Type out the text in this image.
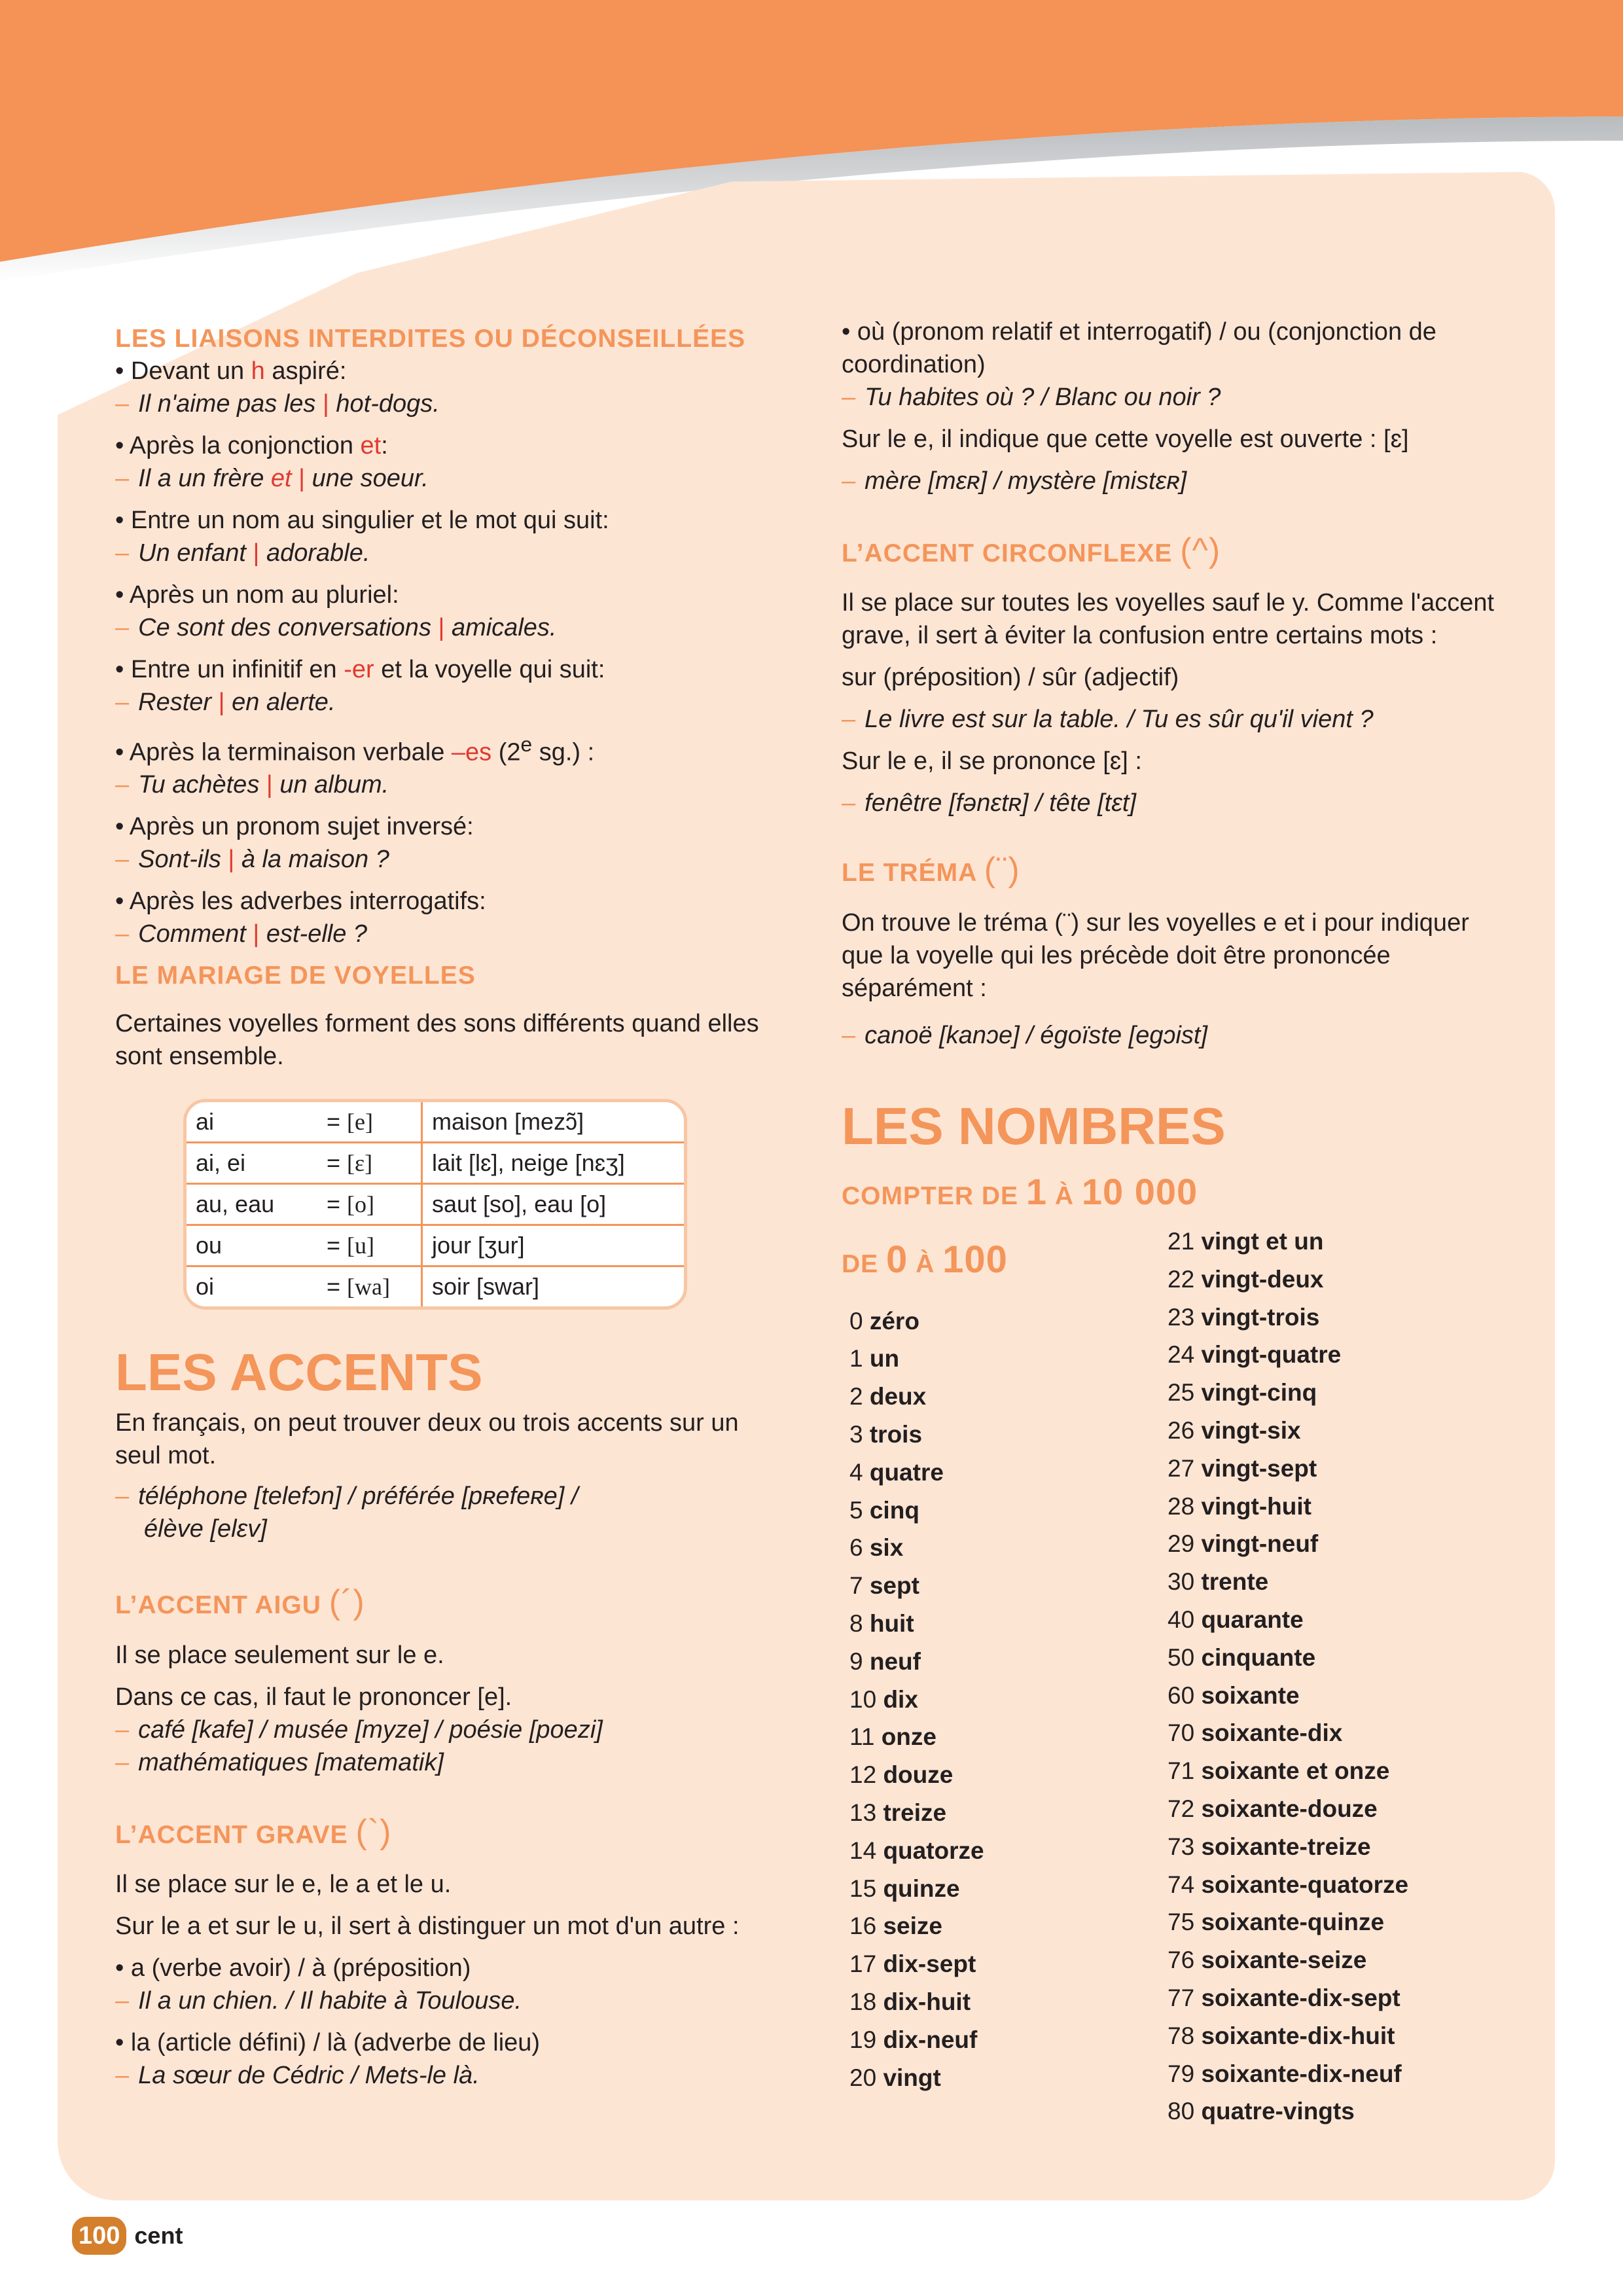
LES LIAISONS INTERDITES OU DÉCONSEILLÉES

• Devant un h aspiré:

– Il n'aime pas les | hot-dogs.

• Après la conjonction et:

– Il a un frère et | une soeur.

• Entre un nom au singulier et le mot qui suit:

– Un enfant | adorable.

• Après un nom au pluriel:

– Ce sont des conversations | amicales.

• Entre un infinitif en -er et la voyelle qui suit:

– Rester | en alerte.

• Après la terminaison verbale –es (2e sg.) :

– Tu achètes | un album.

• Après un pronom sujet inversé:

– Sont-ils | à la maison ?

• Après les adverbes interrogatifs:

– Comment | est-elle ?

LE MARIAGE DE VOYELLES

Certaines voyelles forment des sons différents quand elles sont ensemble.

ai = [e]	maison [mezɔ̃]
ai, ei = [ɛ]	lait [lɛ], neige [nɛʒ]
au, eau = [o]	saut [so], eau [o]
ou = [u]	jour [ʒur]
oi = [wa]	soir [swar]
LES ACCENTS

En français, on peut trouver deux ou trois accents sur un seul mot.

– téléphone [telefɔn] / préférée [pʀefeʀe] /

élève [elɛv]

L’ACCENT AIGU (´)

Il se place seulement sur le e.

Dans ce cas, il faut le prononcer [e].

– café [kafe] / musée [myze] / poésie [poezi]

– mathématiques [matematik]

L’ACCENT GRAVE (`)

Il se place sur le e, le a et le u.

Sur le a et sur le u, il sert à distinguer un mot d'un autre :

• a (verbe avoir) / à (préposition)

– Il a un chien. / Il habite à Toulouse.

• la (article défini) / là (adverbe de lieu)

– La sœur de Cédric / Mets-le là.

• où (pronom relatif et interrogatif) / ou (conjonction de coordination)

– Tu habites où ? / Blanc ou noir ?

Sur le e, il indique que cette voyelle est ouverte : [ɛ]

– mère [mɛʀ] / mystère [mistɛʀ]

L’ACCENT CIRCONFLEXE (^)

Il se place sur toutes les voyelles sauf le y. Comme l'accent grave, il sert à éviter la confusion entre certains mots :

sur (préposition) / sûr (adjectif)

– Le livre est sur la table. / Tu es sûr qu'il vient ?

Sur le e, il se prononce [ɛ] :

– fenêtre [fənɛtʀ] / tête [tɛt]

LE TRÉMA (¨)

On trouve le tréma (¨) sur les voyelles e et i pour indiquer que la voyelle qui les précède doit être prononcée séparément :

– canoë [kanɔe] / égoïste [egɔist]

LES NOMBRES
COMPTER DE 1 À 10 000
DE 0 À 100
0 zéro
1 un
2 deux
3 trois
4 quatre
5 cinq
6 six
7 sept
8 huit
9 neuf
10 dix
11 onze
12 douze
13 treize
14 quatorze
15 quinze
16 seize
17 dix-sept
18 dix-huit
19 dix-neuf
20 vingt
21 vingt et un
22 vingt-deux
23 vingt-trois
24 vingt-quatre
25 vingt-cinq
26 vingt-six
27 vingt-sept
28 vingt-huit
29 vingt-neuf
30 trente
40 quarante
50 cinquante
60 soixante
70 soixante-dix
71 soixante et onze
72 soixante-douze
73 soixante-treize
74 soixante-quatorze
75 soixante-quinze
76 soixante-seize
77 soixante-dix-sept
78 soixante-dix-huit
79 soixante-dix-neuf
80 quatre-vingts
100 cent
